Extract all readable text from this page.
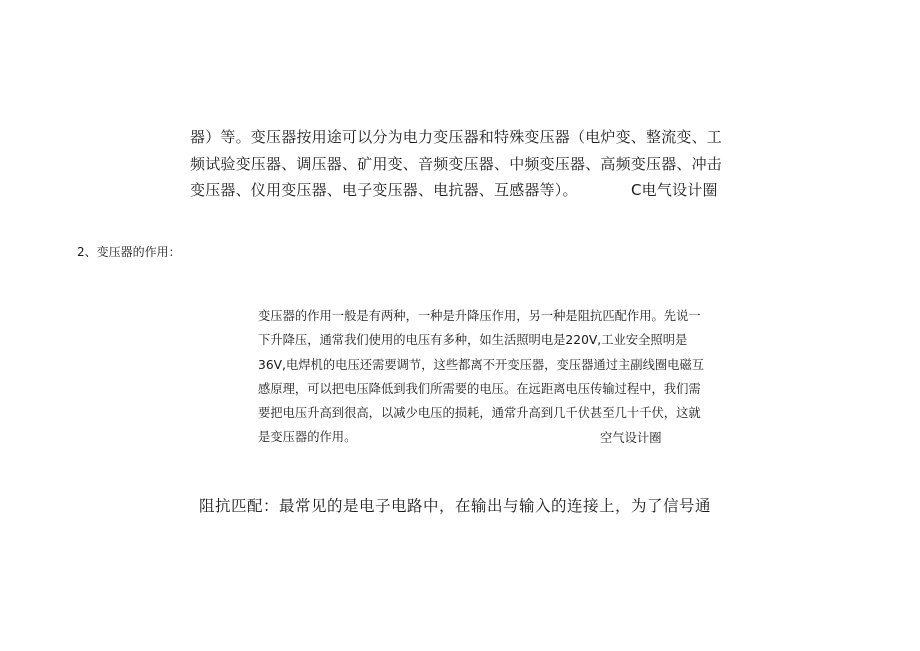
器）等。变压器按用途可以分为电力变压器和特殊变压器（电炉变、整流变、工
频试验变压器、调压器、矿用变、音频变压器、中频变压器、高频变压器、冲击
变压器、仪用变压器、电子变压器、电抗器、互感器等）。	C电气设计圈
2、变压器的作用：
变压器的作用一般是有两种，一种是升降压作用，另一种是阻抗匹配作用。先说一
下升降压，通常我们使用的电压有多种，如生活照明电是220V,工业安全照明是
36V,电焊机的电压还需要调节，这些都离不开变压器，变压器通过主副线圈电磁互
感原理，可以把电压降低到我们所需要的电压。在远距离电压传输过程中，我们需
要把电压升高到很高，以减少电压的损耗，通常升高到几千伏甚至几十千伏，这就
是变压器的作用。	空气设计圈
阻抗匹配：最常见的是电子电路中，在输出与输入的连接上，为了信号通
